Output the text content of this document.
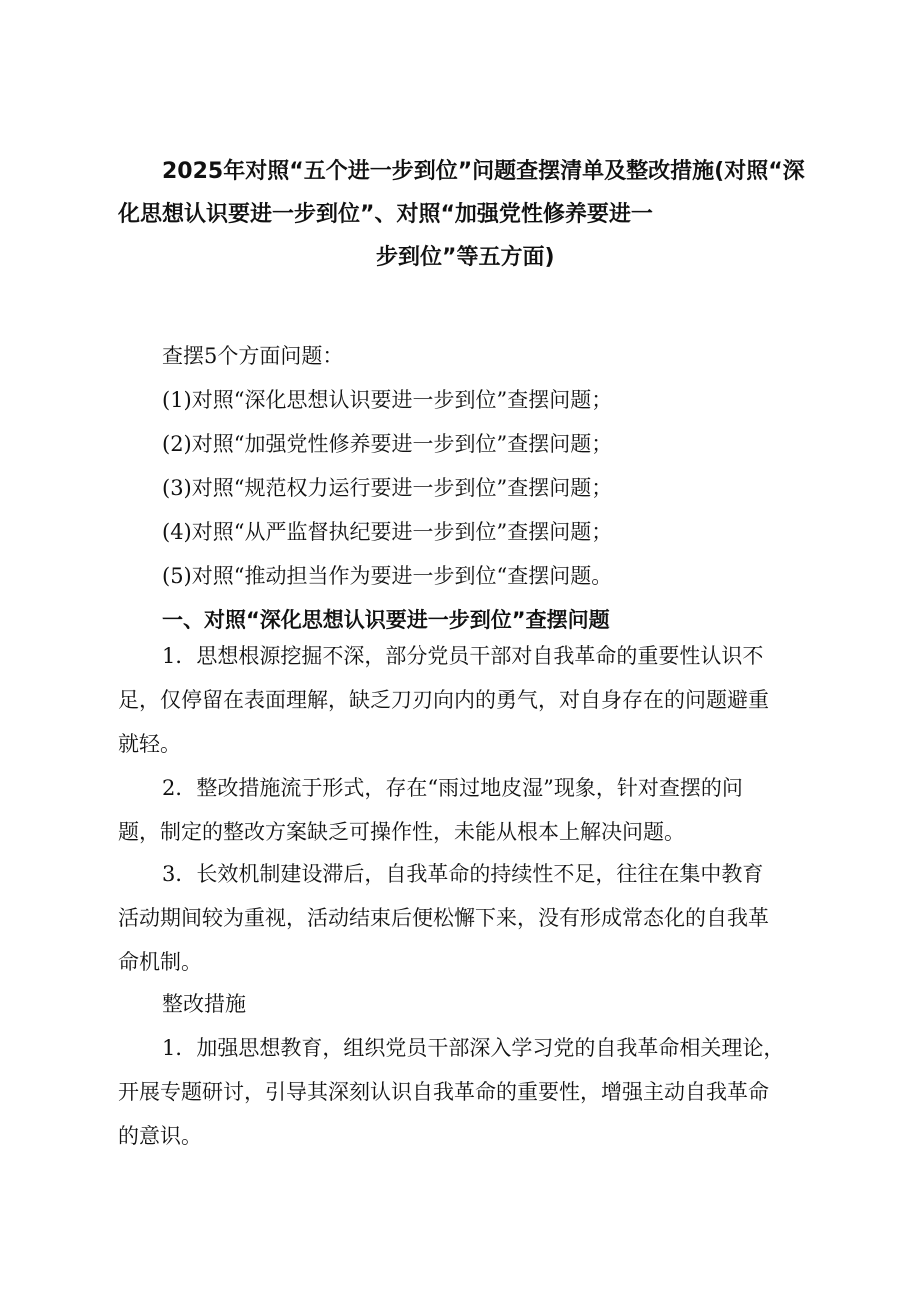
2025年对照“五个进一步到位”问题查摆清单及整改措施(对照“深
化思想认识要进一步到位”、对照“加强党性修养要进一
步到位”等五方面)
查摆5个方面问题：
(1)对照“深化思想认识要进一步到位”查摆问题；
(2)对照“加强党性修养要进一步到位”查摆问题；
(3)对照“规范权力运行要进一步到位”查摆问题；
(4)对照“从严监督执纪要进一步到位”查摆问题；
(5)对照“推动担当作为要进一步到位“查摆问题。
一、对照“深化思想认识要进一步到位”查摆问题
1．思想根源挖掘不深，部分党员干部对自我革命的重要性认识不
足，仅停留在表面理解，缺乏刀刃向内的勇气，对自身存在的问题避重
就轻。
2．整改措施流于形式，存在“雨过地皮湿”现象，针对查摆的问
题，制定的整改方案缺乏可操作性，未能从根本上解决问题。
3．长效机制建设滞后，自我革命的持续性不足，往往在集中教育
活动期间较为重视，活动结束后便松懈下来，没有形成常态化的自我革
命机制。
整改措施
1．加强思想教育，组织党员干部深入学习党的自我革命相关理论，
开展专题研讨，引导其深刻认识自我革命的重要性，增强主动自我革命
的意识。
